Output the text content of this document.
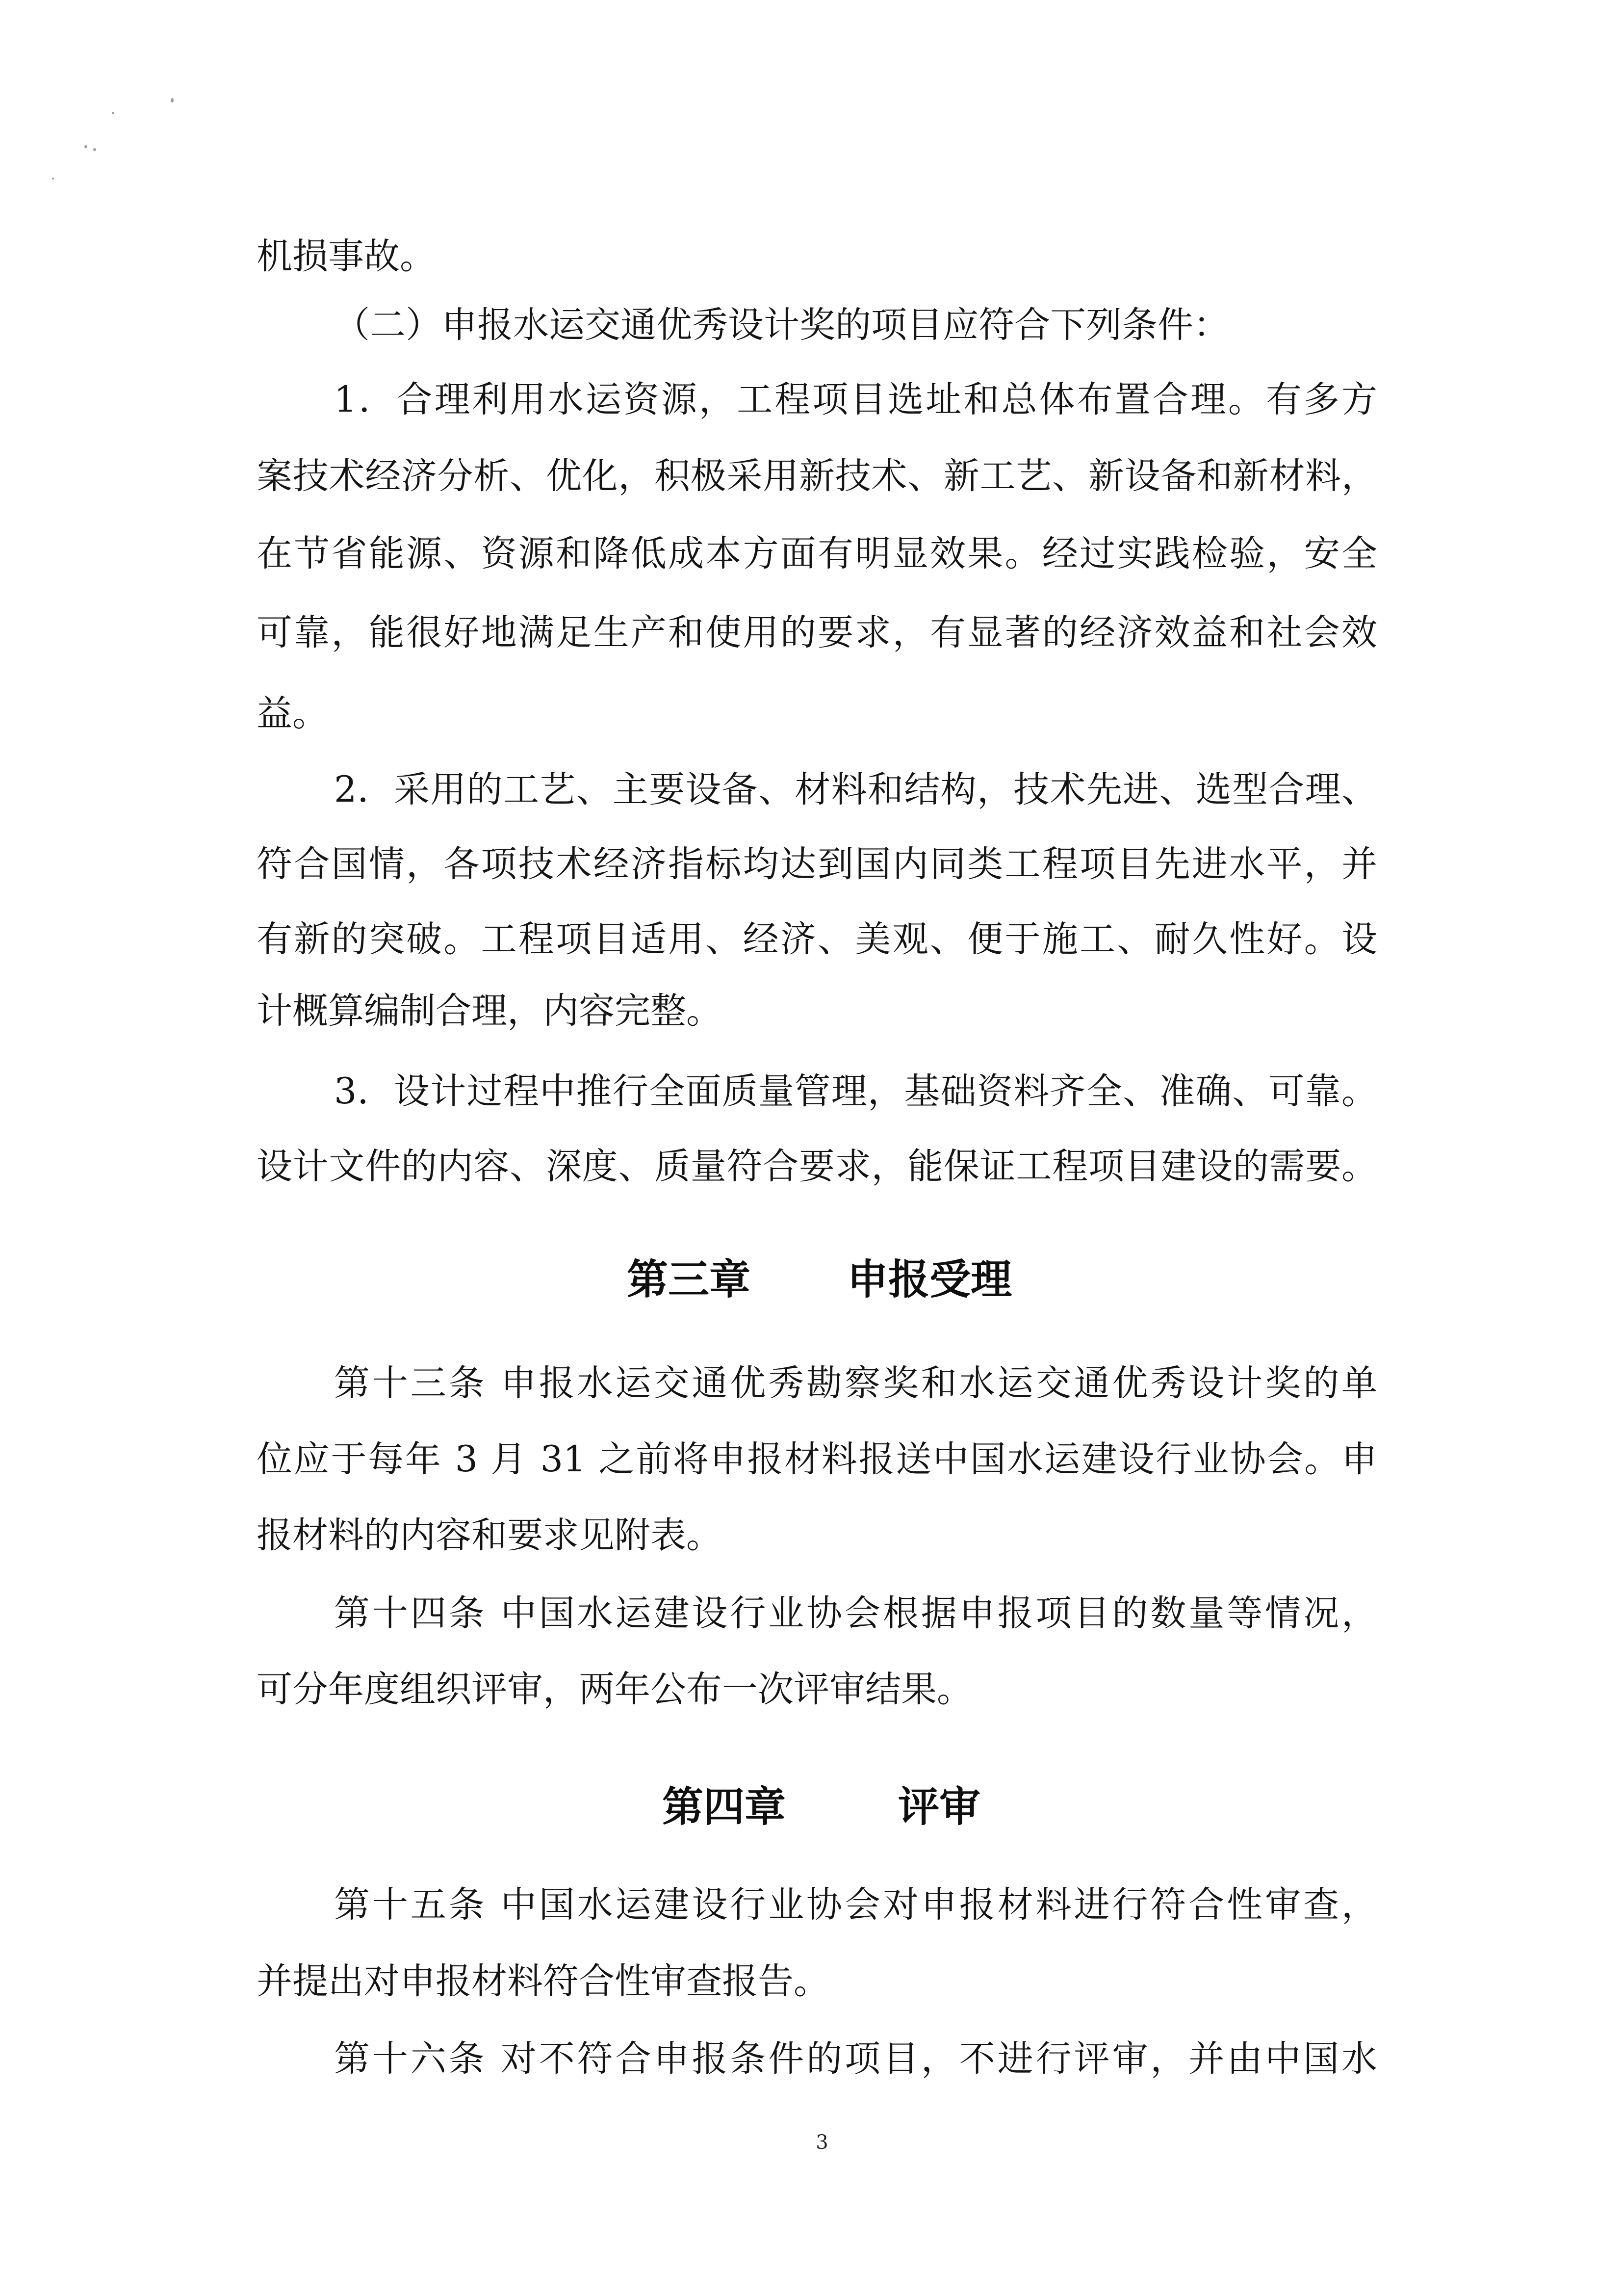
机损事故。
（二）申报水运交通优秀设计奖的项目应符合下列条件：
1．合理利用水运资源，工程项目选址和总体布置合理。有多方
案技术经济分析、优化，积极采用新技术、新工艺、新设备和新材料，
在节省能源、资源和降低成本方面有明显效果。经过实践检验，安全
可靠，能很好地满足生产和使用的要求，有显著的经济效益和社会效
益。
2．采用的工艺、主要设备、材料和结构，技术先进、选型合理、
符合国情，各项技术经济指标均达到国内同类工程项目先进水平，并
有新的突破。工程项目适用、经济、美观、便于施工、耐久性好。设
计概算编制合理，内容完整。
3．设计过程中推行全面质量管理，基础资料齐全、准确、可靠。
设计文件的内容、深度、质量符合要求，能保证工程项目建设的需要。
第三章 申报受理
第十三条 申报水运交通优秀勘察奖和水运交通优秀设计奖的单
位应于每年 3 月 31 之前将申报材料报送中国水运建设行业协会。申
报材料的内容和要求见附表。
第十四条 中国水运建设行业协会根据申报项目的数量等情况，
可分年度组织评审，两年公布一次评审结果。
第四章	评审
第十五条 中国水运建设行业协会对申报材料进行符合性审查，
并提出对申报材料符合性审查报告。
第十六条 对不符合申报条件的项目，不进行评审，并由中国水
3
